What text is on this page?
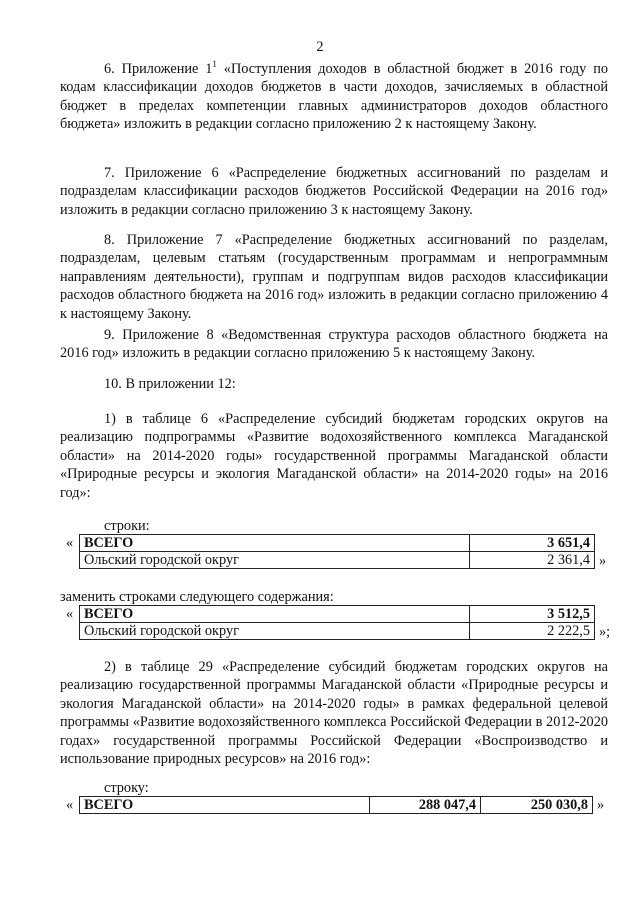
2
6. Приложение $1^1$ «Поступления доходов в областной бюджет в 2016 году по кодам классификации доходов бюджетов в части доходов, зачисляемых в областной бюджет в пределах компетенции главных администраторов доходов областного бюджета» изложить в редакции согласно приложению 2 к настоящему Закону.
7. Приложение 6 «Распределение бюджетных ассигнований по разделам и подразделам классификации расходов бюджетов Российской Федерации на 2016 год» изложить в редакции согласно приложению 3 к настоящему Закону.
8. Приложение 7 «Распределение бюджетных ассигнований по разделам, подразделам, целевым статьям (государственным программам и непрограммным направлениям деятельности), группам и подгруппам видов расходов классификации расходов областного бюджета на 2016 год» изложить в редакции согласно приложению 4 к настоящему Закону.
9. Приложение 8 «Ведомственная структура расходов областного бюджета на 2016 год» изложить в редакции согласно приложению 5 к настоящему Закону.
10. В приложении 12:
1) в таблице 6 «Распределение субсидий бюджетам городских округов на реализацию подпрограммы «Развитие водохозяйственного комплекса Магаданской области» на 2014-2020 годы» государственной программы Магаданской области «Природные ресурсы и экология Магаданской области» на 2014-2020 годы» на 2016 год»:
строки:
« ВСЕГО	3 651,4
Ольский городской округ	2 361,4 »
заменить строками следующего содержания:
« ВСЕГО	3 512,5
Ольский городской округ	2 222,5 »;
2) в таблице 29 «Распределение субсидий бюджетам городских округов на реализацию государственной программы Магаданской области «Природные ресурсы и экология Магаданской области» на 2014-2020 годы» в рамках федеральной целевой программы «Развитие водохозяйственного комплекса Российской Федерации в 2012-2020 годах» государственной программы Российской Федерации «Воспроизводство и использование природных ресурсов» на 2016 год»:
строку:
« ВСЕГО	288 047,4	250 030,8 »
